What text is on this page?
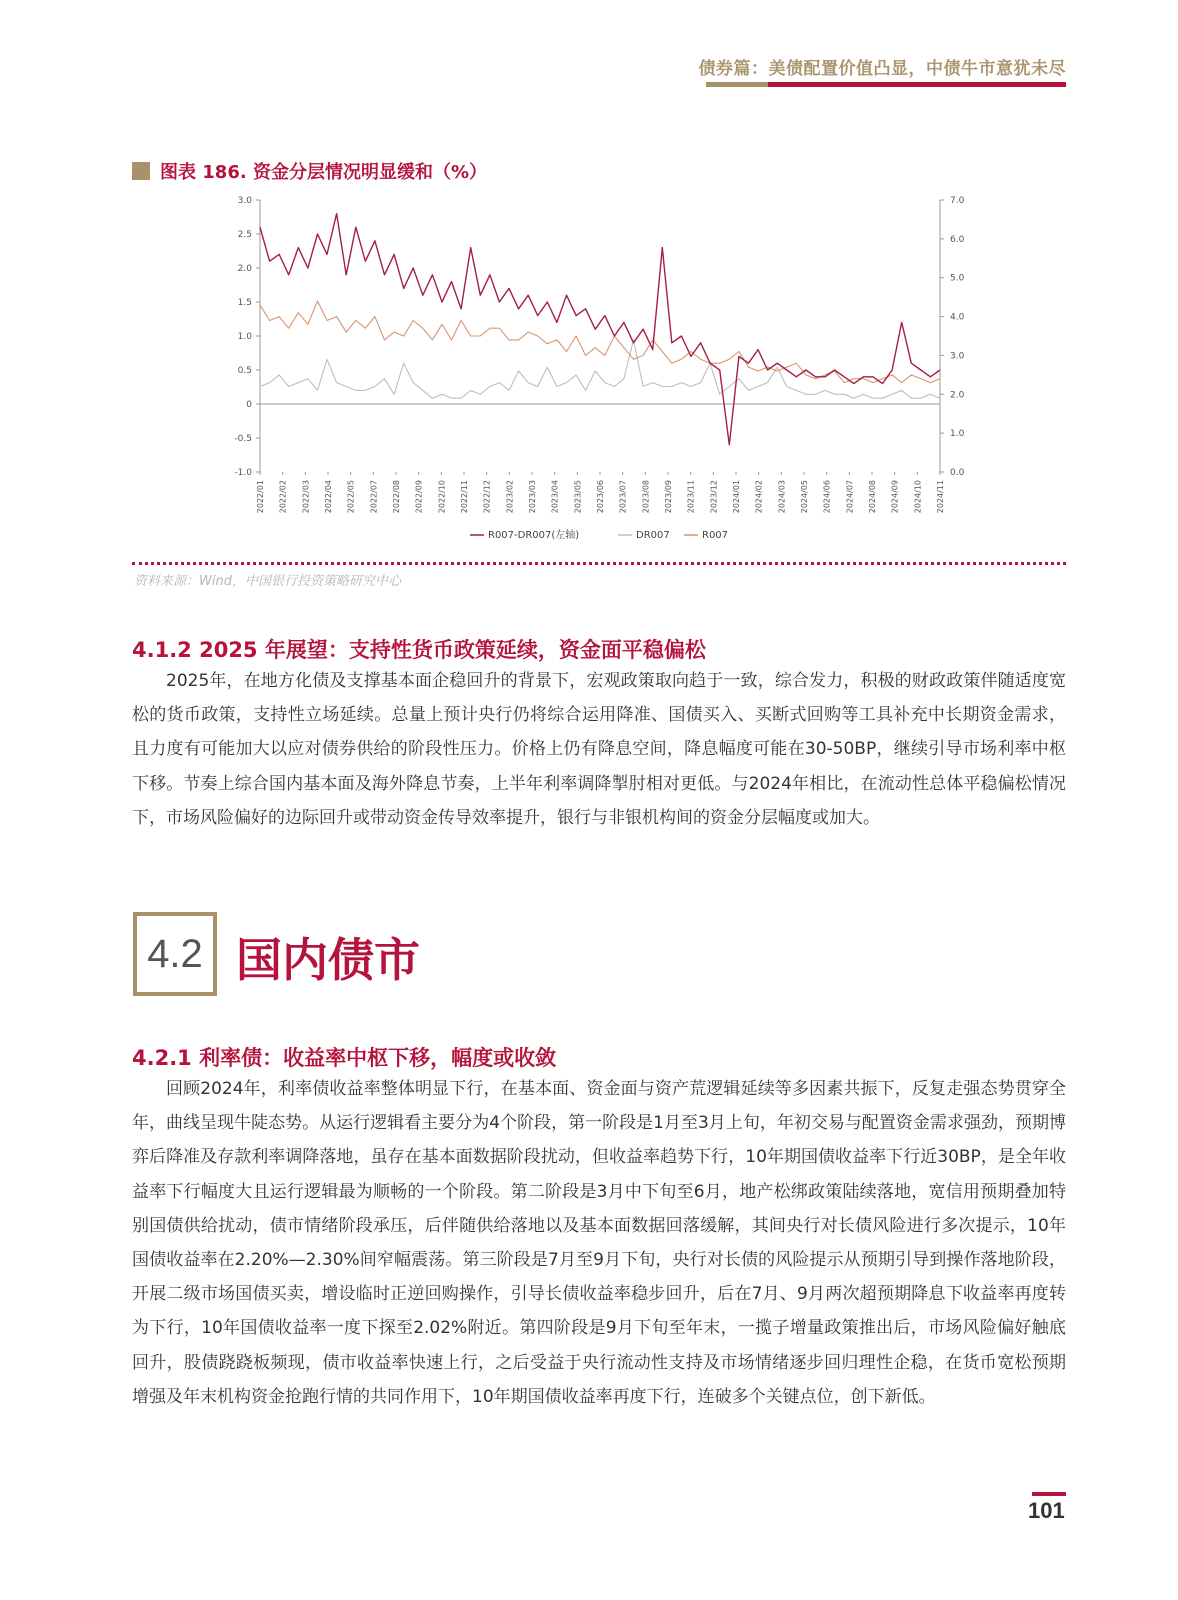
债券篇：美债配置价值凸显，中债牛市意犹未尽
图表 186. 资金分层情况明显缓和（%）
3.0
2.5
2.0
1.5
1.0
0.5
0
-0.5
-1.0
7.0
6.0
5.0
4.0
3.0
2.0
1.0
0.0
2022/01 2022/02 2022/03 2022/04 2022/05 2022/07 2022/08 2022/09 2022/10 2022/11 2022/12 2023/02 2023/03 2023/04 2023/05 2023/06 2023/07 2023/08 2023/09 2023/11 2023/12 2024/01 2024/02 2024/03 2024/05 2024/06 2024/07 2024/08 2024/09 2024/10 2024/11
R007-DR007(左轴)	DR007	R007
资料来源：Wind，中国银行投资策略研究中心
4.1.2 2025 年展望：支持性货币政策延续，资金面平稳偏松
2025年，在地方化债及支撑基本面企稳回升的背景下，宏观政策取向趋于一致，综合发力，积极的财政政策伴随适度宽松的货币政策，支持性立场延续。总量上预计央行仍将综合运用降准、国债买入、买断式回购等工具补充中长期资金需求，且力度有可能加大以应对债券供给的阶段性压力。价格上仍有降息空间，降息幅度可能在30-50BP，继续引导市场利率中枢下移。节奏上综合国内基本面及海外降息节奏，上半年利率调降掣肘相对更低。与2024年相比，在流动性总体平稳偏松情况下，市场风险偏好的边际回升或带动资金传导效率提升，银行与非银机构间的资金分层幅度或加大。
4.2 国内债市
4.2.1 利率债：收益率中枢下移，幅度或收敛
回顾2024年，利率债收益率整体明显下行，在基本面、资金面与资产荒逻辑延续等多因素共振下，反复走强态势贯穿全年，曲线呈现牛陡态势。从运行逻辑看主要分为4个阶段，第一阶段是1月至3月上旬，年初交易与配置资金需求强劲，预期博弈后降准及存款利率调降落地，虽存在基本面数据阶段扰动，但收益率趋势下行，10年期国债收益率下行近30BP，是全年收益率下行幅度大且运行逻辑最为顺畅的一个阶段。第二阶段是3月中下旬至6月，地产松绑政策陆续落地，宽信用预期叠加特别国债供给扰动，债市情绪阶段承压，后伴随供给落地以及基本面数据回落缓解，其间央行对长债风险进行多次提示，10年国债收益率在2.20%—2.30%间窄幅震荡。第三阶段是7月至9月下旬，央行对长债的风险提示从预期引导到操作落地阶段，开展二级市场国债买卖，增设临时正逆回购操作，引导长债收益率稳步回升，后在7月、9月两次超预期降息下收益率再度转为下行，10年国债收益率一度下探至2.02%附近。第四阶段是9月下旬至年末，一揽子增量政策推出后，市场风险偏好触底回升，股债跷跷板频现，债市收益率快速上行，之后受益于央行流动性支持及市场情绪逐步回归理性企稳，在货币宽松预期增强及年末机构资金抢跑行情的共同作用下，10年期国债收益率再度下行，连破多个关键点位，创下新低。
101
